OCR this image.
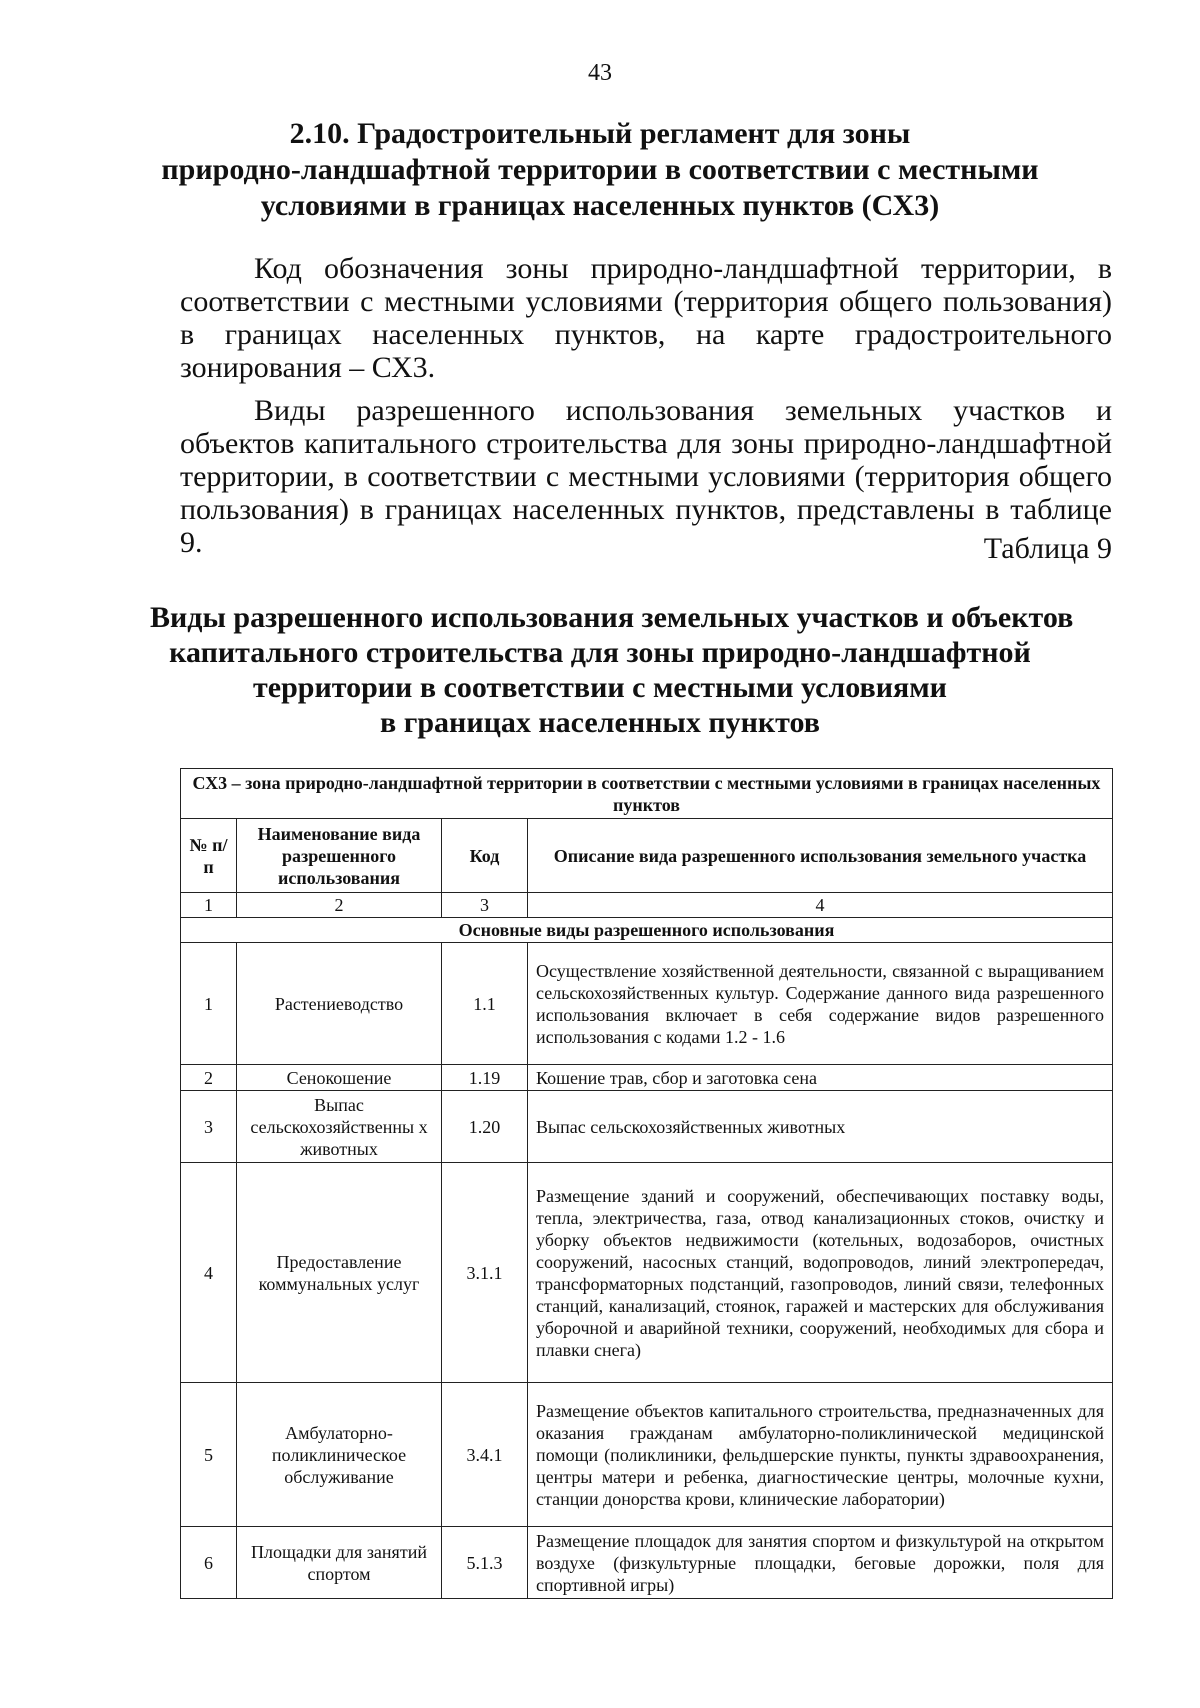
43
2.10. Градостроительный регламент для зоны
природно-ландшафтной территории в соответствии с местными
условиями в границах населенных пунктов (СХ3)
Код обозначения зоны природно-ландшафтной территории, в соответствии с местными условиями (территория общего пользования) в границах населенных пунктов, на карте градостроительного зонирования – СХ3.
Виды разрешенного использования земельных участков и объектов капитального строительства для зоны природно-ландшафтной территории, в соответствии с местными условиями (территория общего пользования) в границах населенных пунктов, представлены в таблице 9.	Таблица 9
Виды разрешенного использования земельных участков и объектов
капитального строительства для зоны природно-ландшафтной
территории в соответствии с местными условиями
в границах населенных пунктов
СХ3 – зона природно-ландшафтной территории в соответствии с местными условиями в границах населенных пунктов			
№ п/п	Наименование вида разрешенного использования	Код	Описание вида разрешенного использования земельного участка
1	2	3	4
Основные виды разрешенного использования			
1	Растениеводство	1.1	Осуществление хозяйственной деятельности, связанной с выращиванием сельскохозяйственных культур. Содержание данного вида разрешенного использования включает в себя содержание видов разрешенного использования с кодами 1.2 - 1.6
2	Сенокошение	1.19	Кошение трав, сбор и заготовка сена
3	Выпас сельскохозяйственны х животных	1.20	Выпас сельскохозяйственных животных
4	Предоставление коммунальных услуг	3.1.1	Размещение зданий и сооружений, обеспечивающих поставку воды, тепла, электричества, газа, отвод канализационных стоков, очистку и уборку объектов недвижимости (котельных, водозаборов, очистных сооружений, насосных станций, водопроводов, линий электропередач, трансформаторных подстанций, газопроводов, линий связи, телефонных станций, канализаций, стоянок, гаражей и мастерских для обслуживания уборочной и аварийной техники, сооружений, необходимых для сбора и плавки снега)
5	Амбулаторно-поликлиническое обслуживание	3.4.1	Размещение объектов капитального строительства, предназначенных для оказания гражданам амбулаторно-поликлинической медицинской помощи (поликлиники, фельдшерские пункты, пункты здравоохранения, центры матери и ребенка, диагностические центры, молочные кухни, станции донорства крови, клинические лаборатории)
6	Площадки для занятий спортом	5.1.3	Размещение площадок для занятия спортом и физкультурой на открытом воздухе (физкультурные площадки, беговые дорожки, поля для спортивной игры)
